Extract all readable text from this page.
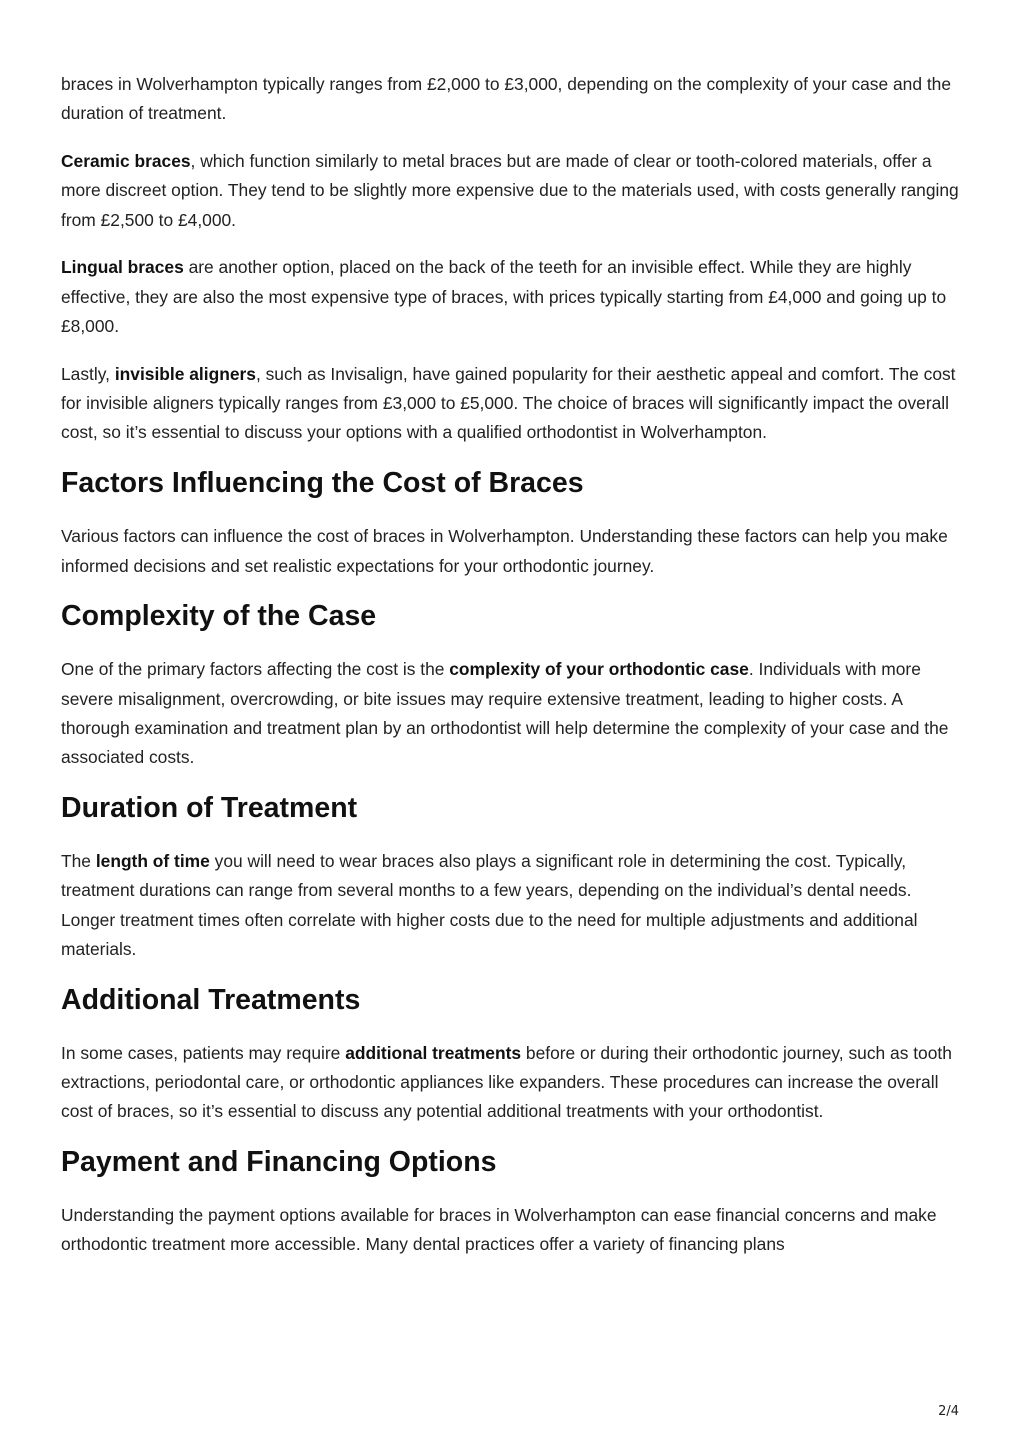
braces in Wolverhampton typically ranges from £2,000 to £3,000, depending on the complexity of your case and the duration of treatment.

Ceramic braces, which function similarly to metal braces but are made of clear or tooth-colored materials, offer a more discreet option. They tend to be slightly more expensive due to the materials used, with costs generally ranging from £2,500 to £4,000.

Lingual braces are another option, placed on the back of the teeth for an invisible effect. While they are highly effective, they are also the most expensive type of braces, with prices typically starting from £4,000 and going up to £8,000.

Lastly, invisible aligners, such as Invisalign, have gained popularity for their aesthetic appeal and comfort. The cost for invisible aligners typically ranges from £3,000 to £5,000. The choice of braces will significantly impact the overall cost, so it’s essential to discuss your options with a qualified orthodontist in Wolverhampton.

Factors Influencing the Cost of Braces

Various factors can influence the cost of braces in Wolverhampton. Understanding these factors can help you make informed decisions and set realistic expectations for your orthodontic journey.

Complexity of the Case

One of the primary factors affecting the cost is the complexity of your orthodontic case. Individuals with more severe misalignment, overcrowding, or bite issues may require extensive treatment, leading to higher costs. A thorough examination and treatment plan by an orthodontist will help determine the complexity of your case and the associated costs.

Duration of Treatment

The length of time you will need to wear braces also plays a significant role in determining the cost. Typically, treatment durations can range from several months to a few years, depending on the individual’s dental needs. Longer treatment times often correlate with higher costs due to the need for multiple adjustments and additional materials.

Additional Treatments

In some cases, patients may require additional treatments before or during their orthodontic journey, such as tooth extractions, periodontal care, or orthodontic appliances like expanders. These procedures can increase the overall cost of braces, so it’s essential to discuss any potential additional treatments with your orthodontist.

Payment and Financing Options

Understanding the payment options available for braces in Wolverhampton can ease financial concerns and make orthodontic treatment more accessible. Many dental practices offer a variety of financing plans

2/4
